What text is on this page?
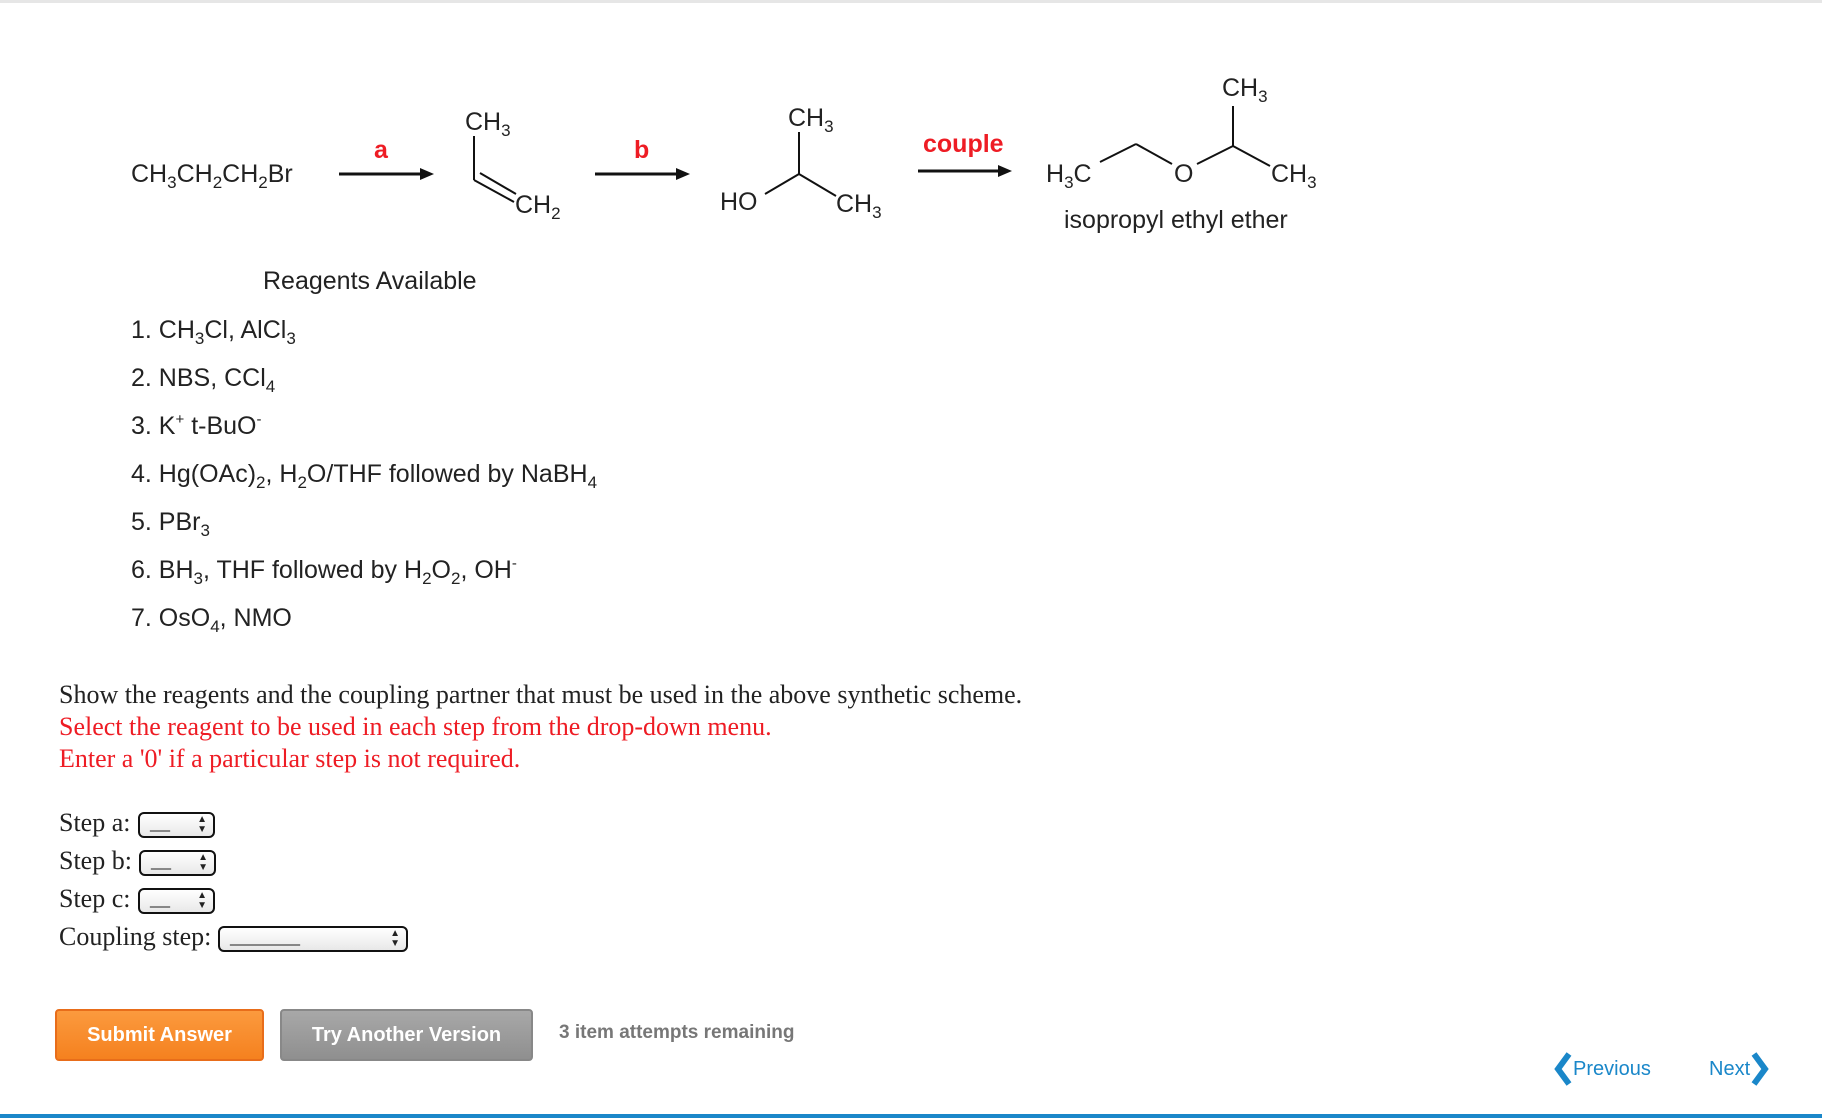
$CH_3CH_2CH_2Br$
a	b	couple
$CH_3$
$CH_2$
$CH_3$
HO	$CH_3$
$H_3C$	O
$CH_3$
$CH_3$
isopropyl ethyl ether
Reagents Available
1. $CH_3Cl$, AlCl$_3$
2. NBS, CCl$_4$
3. K+ t-BuO-
4. $Hg(OAc)_2$, $H_2O$/THF followed by NaBH$_4$
5. PBr$_3$
6. $BH_3$, THF followed by $H_2O_2$, OH-
7. OsO$_4$, NMO
Show the reagents and the coupling partner that must be used in the above synthetic scheme.
Select the reagent to be used in each step from the drop-down menu.
Enter a '0' if a particular step is not required.
Step a: __	▲
▼
Step b: __	▲
▼
Step c: __	▲
▼
Coupling step: _______	▲
▼
Submit Answer	Try Another Version	3 item attempts remaining
Previous	Next
